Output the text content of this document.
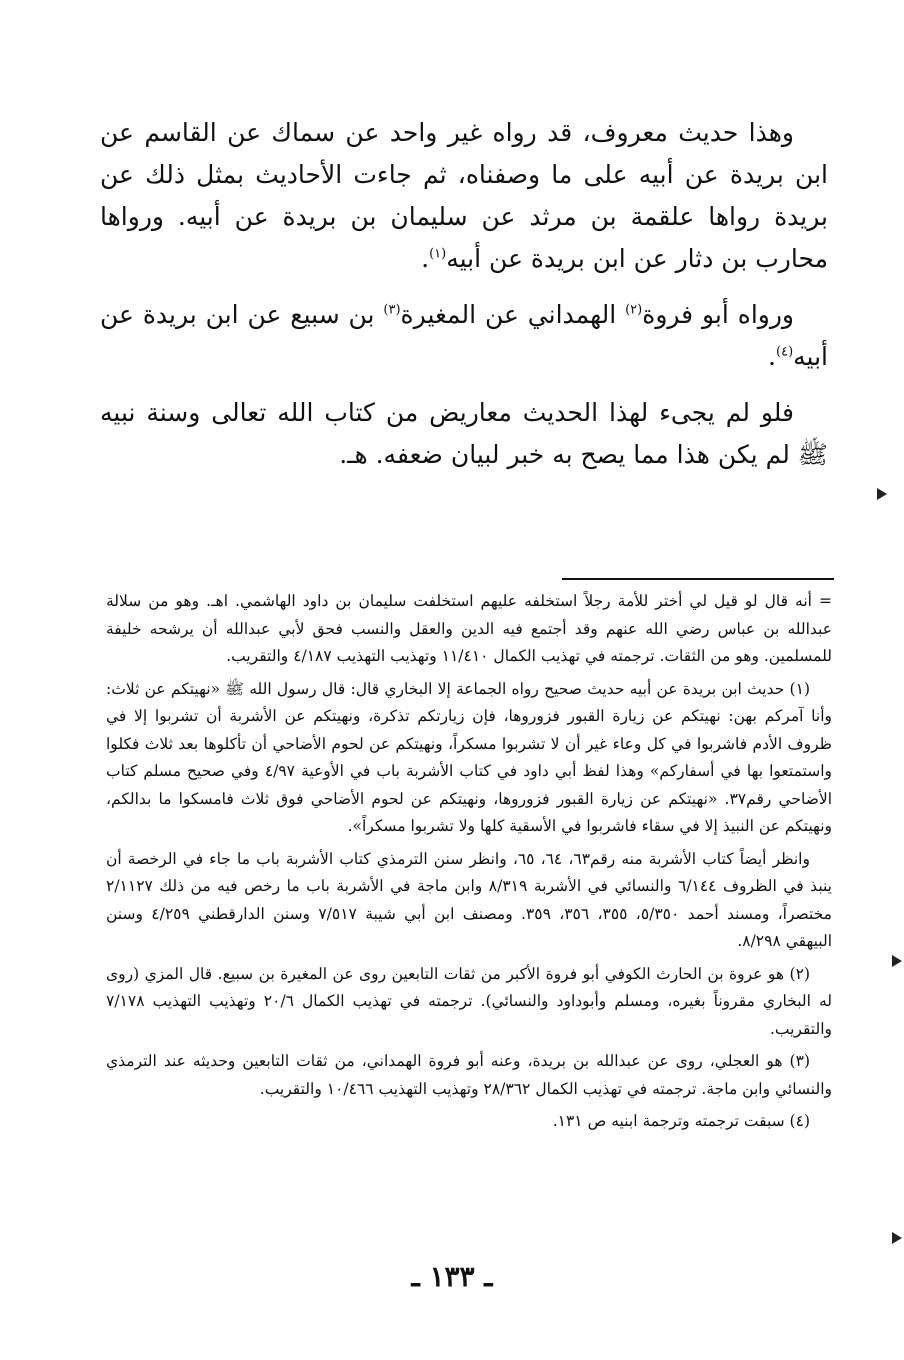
وهذا حديث معروف، قد رواه غير واحد عن سماك عن القاسم عن ابن بريدة عن أبيه على ما وصفناه، ثم جاءت الأحاديث بمثل ذلك عن بريدة رواها علقمة بن مرثد عن سليمان بن بريدة عن أبيه. ورواها محارب بن دثار عن ابن بريدة عن أبيه$^{(١)}$.

ورواه أبو فروة$^{(٢)}$ الهمداني عن المغيرة$^{(٣)}$ بن سبيع عن ابن بريدة عن أبيه$^{(٤)}$.

فلو لم يجىء لهذا الحديث معاريض من كتاب الله تعالى وسنة نبيه ﷺ لم يكن هذا مما يصح به خبر لبيان ضعفه. هـ.

= أنه قال لو قيل لي أختر للأمة رجلاً استخلفه عليهم استخلفت سليمان بن داود الهاشمي. اهـ. وهو من سلالة عبدالله بن عباس رضي الله عنهم وقد أجتمع فيه الدين والعقل والنسب فحق لأبي عبدالله أن يرشحه خليفة للمسلمين. وهو من الثقات. ترجمته في تهذيب الكمال ١١/٤١٠ وتهذيب التهذيب ٤/١٨٧ والتقريب.

(١) حديث ابن بريدة عن أبيه حديث صحيح رواه الجماعة إلا البخاري قال: قال رسول الله ﷺ «نهيتكم عن ثلاث: وأنا آمركم بهن: نهيتكم عن زيارة القبور فزوروها، فإن زيارتكم تذكرة، ونهيتكم عن الأشربة أن تشربوا إلا في ظروف الأدم فاشربوا في كل وعاء غير أن لا تشربوا مسكراً، ونهيتكم عن لحوم الأضاحي أن تأكلوها بعد ثلاث فكلوا واستمتعوا بها في أسفاركم» وهذا لفظ أبي داود في كتاب الأشربة باب في الأوعية ٤/٩٧ وفي صحيح مسلم كتاب الأضاحي رقم٣٧. «نهيتكم عن زيارة القبور فزوروها، ونهيتكم عن لحوم الأضاحي فوق ثلاث فامسكوا ما بدالكم، ونهيتكم عن النبيذ إلا في سقاء فاشربوا في الأسقية كلها ولا تشربوا مسكراً».

وانظر أيضاً كتاب الأشربة منه رقم٦٣، ٦٤، ٦٥، وانظر سنن الترمذي كتاب الأشربة باب ما جاء في الرخصة أن ينبذ في الظروف ٦/١٤٤ والنسائي في الأشربة ٨/٣١٩ وابن ماجة في الأشربة باب ما رخص فيه من ذلك ٢/١١٢٧ مختصراً، ومسند أحمد ٥/٣٥٠، ٣٥٥، ٣٥٦، ٣٥٩. ومصنف ابن أبي شيبة ٧/٥١٧ وسنن الدارقطني ٤/٢٥٩ وسنن البيهقي ٨/٢٩٨.

(٢) هو عروة بن الحارث الكوفي أبو فروة الأكبر من ثقات التابعين روى عن المغيرة بن سبيع. قال المزي (روى له البخاري مقروناً بغيره، ومسلم وأبوداود والنسائي). ترجمته في تهذيب الكمال ٢٠/٦ وتهذيب التهذيب ٧/١٧٨ والتقريب.

(٣) هو العجلي، روى عن عبدالله بن بريدة، وعنه أبو فروة الهمداني، من ثقات التابعين وحديثه عند الترمذي والنسائي وابن ماجة. ترجمته في تهذيب الكمال ٢٨/٣٦٢ وتهذيب التهذيب ١٠/٤٦٦ والتقريب.

(٤) سبقت ترجمته وترجمة ابنيه ص ١٣١.

ـ ١٣٣ ـ
